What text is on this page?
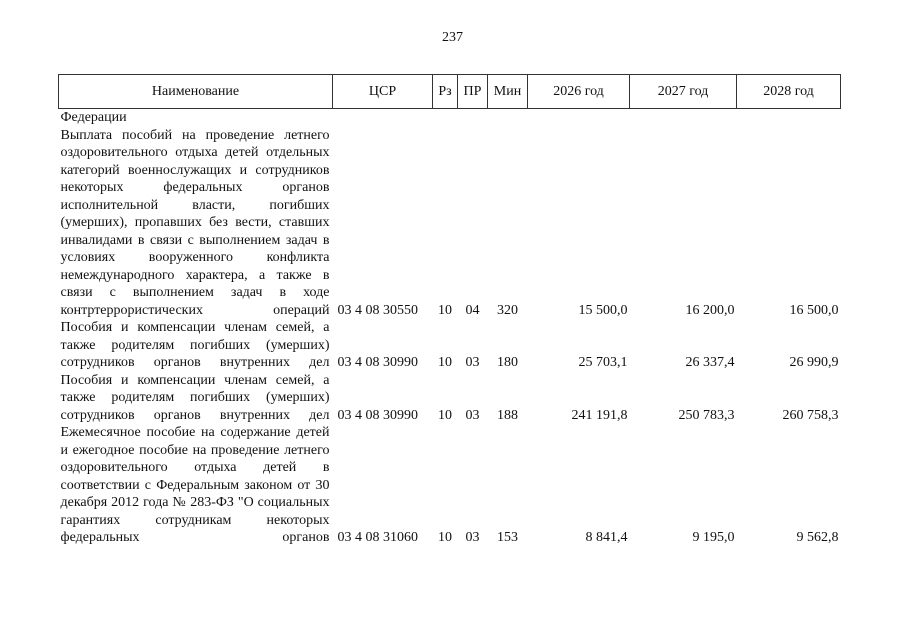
237
Наименование	ЦСР	Рз	ПР	Мин	2026 год	2027 год	2028 год
Федерации							
Выплата пособий на проведение летнего оздоровительного отдыха детей отдельных категорий военнослужащих и сотрудников некоторых федеральных органов исполнительной власти, погибших (умерших), пропавших без вести, ставших инвалидами в связи с выполнением задач в условиях вооруженного конфликта немеждународного характера, а также в связи с выполнением задач в ходе контртеррористических операций	03 4 08 30550	10	04	320	15 500,0	16 200,0	16 500,0
Пособия и компенсации членам семей, а также родителям погибших (умерших) сотрудников органов внутренних дел	03 4 08 30990	10	03	180	25 703,1	26 337,4	26 990,9
Пособия и компенсации членам семей, а также родителям погибших (умерших) сотрудников органов внутренних дел	03 4 08 30990	10	03	188	241 191,8	250 783,3	260 758,3
Ежемесячное пособие на содержание детей и ежегодное пособие на проведение летнего оздоровительного отдыха детей в соответствии с Федеральным законом от 30 декабря 2012 года № 283-ФЗ "О социальных гарантиях сотрудникам некоторых федеральных органов	03 4 08 31060	10	03	153	8 841,4	9 195,0	9 562,8
